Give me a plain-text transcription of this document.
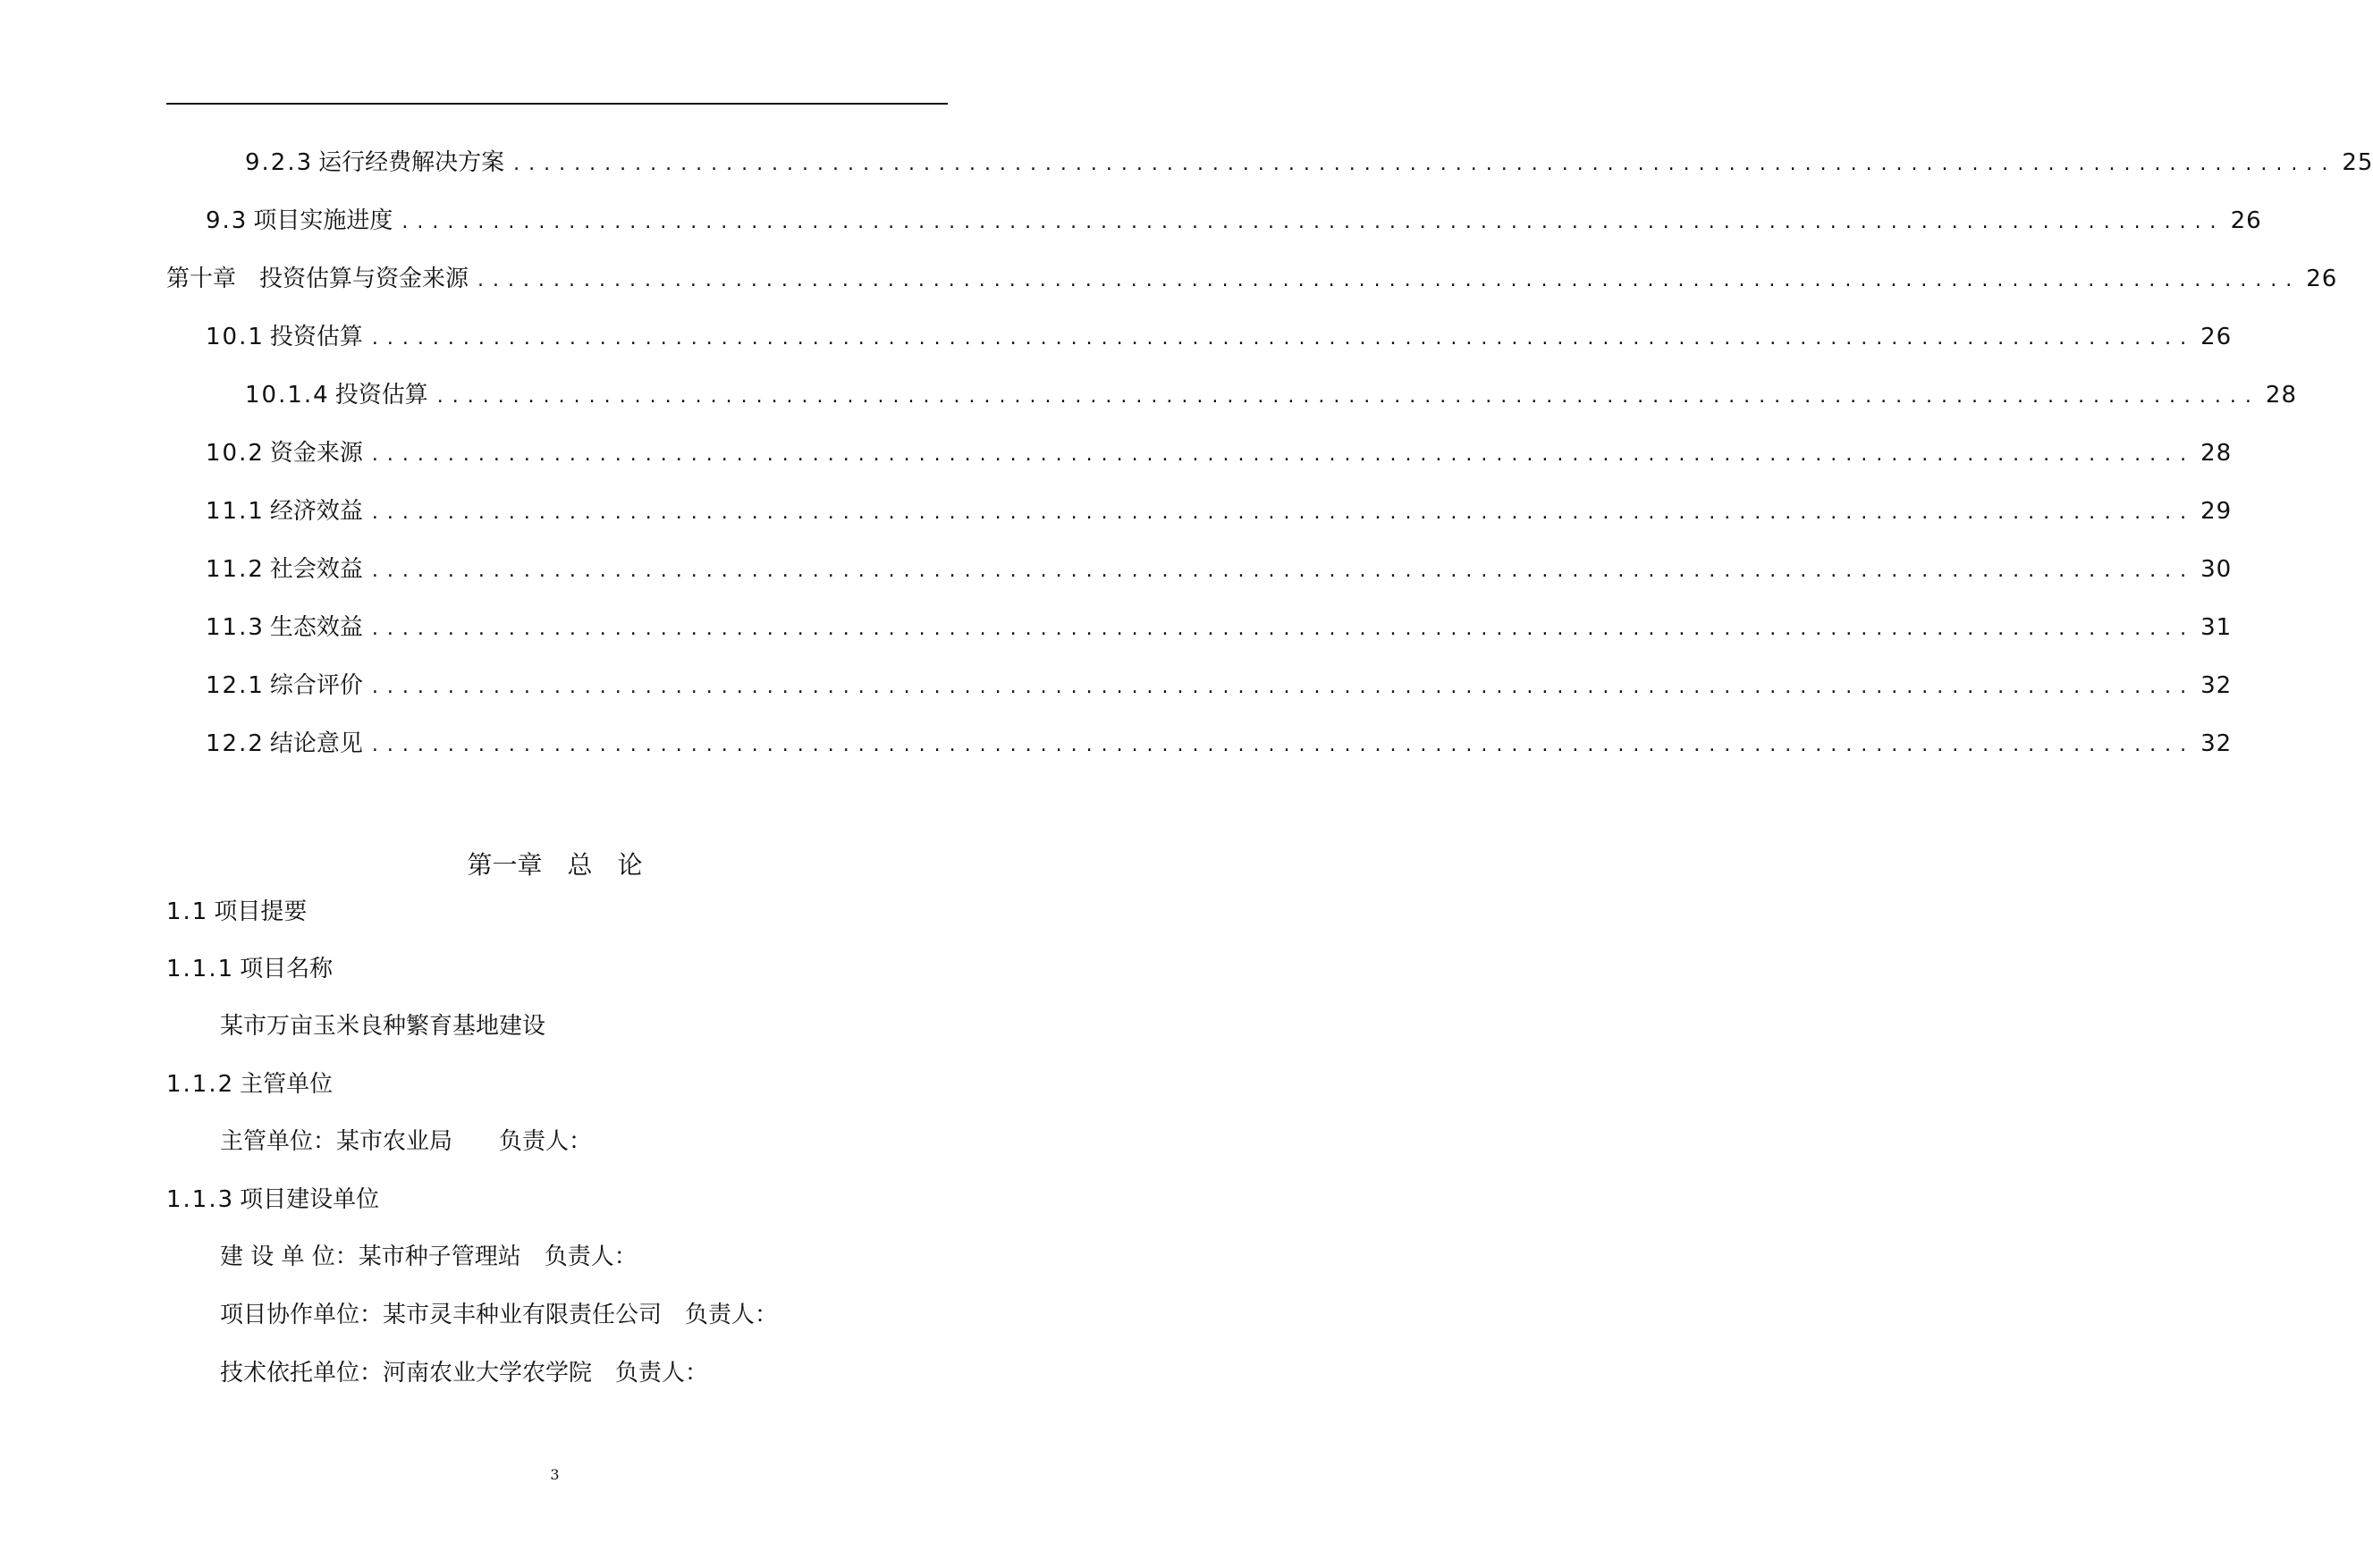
9.2.3 运行经费解决方案 ........................................................................................................................ 25
9.3 项目实施进度 ........................................................................................................................ 26
第十章　投资估算与资金来源 ........................................................................................................................ 26
10.1 投资估算 ........................................................................................................................ 26
10.1.4 投资估算 ........................................................................................................................ 28
10.2 资金来源 ........................................................................................................................ 28
11.1 经济效益 ........................................................................................................................ 29
11.2 社会效益 ........................................................................................................................ 30
11.3 生态效益 ........................................................................................................................ 31
12.1 综合评价 ........................................................................................................................ 32
12.2 结论意见 ........................................................................................................................ 32
第一章　总　论
1.1 项目提要
1.1.1 项目名称
某市万亩玉米良种繁育基地建设
1.1.2 主管单位
主管单位：某市农业局　　负责人：
1.1.3 项目建设单位
建 设 单 位：某市种子管理站　负责人：
项目协作单位：某市灵丰种业有限责任公司　负责人：
技术依托单位：河南农业大学农学院　负责人：
3
